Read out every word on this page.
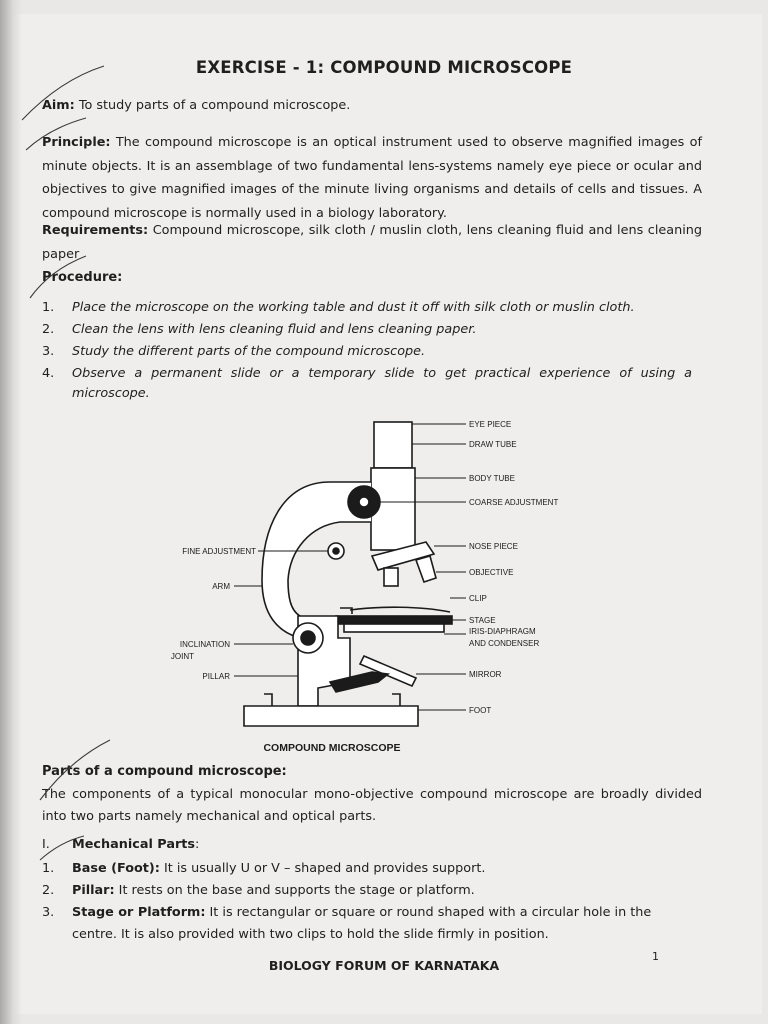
EXERCISE - 1: COMPOUND MICROSCOPE
Aim: To study parts of a compound microscope.
Principle: The compound microscope is an optical instrument used to observe magnified images of minute objects. It is an assemblage of two fundamental lens-systems namely eye piece or ocular and objectives to give magnified images of the minute living organisms and details of cells and tissues. A compound microscope is normally used in a biology laboratory.
Requirements: Compound microscope, silk cloth / muslin cloth, lens cleaning fluid and lens cleaning paper
Procedure:
1. Place the microscope on the working table and dust it off with silk cloth or muslin cloth.
2. Clean the lens with lens cleaning fluid and lens cleaning paper.
3. Study the different parts of the compound microscope.
4. Observe a permanent slide or a temporary slide to get practical experience of using a microscope.
EYE PIECE
DRAW TUBE
BODY TUBE
COARSE ADJUSTMENT
NOSE PIECE
OBJECTIVE
CLIP
STAGE
IRIS-DIAPHRAGM
AND CONDENSER
MIRROR
FOOT
FINE ADJUSTMENT
ARM
INCLINATION
JOINT
PILLAR
COMPOUND MICROSCOPE
Parts of a compound microscope:
The components of a typical monocular mono-objective compound microscope are broadly divided into two parts namely mechanical and optical parts.
I. Mechanical Parts:
1. Base (Foot): It is usually U or V – shaped and provides support.
2. Pillar: It rests on the base and supports the stage or platform.
3. Stage or Platform: It is rectangular or square or round shaped with a circular hole in the centre. It is also provided with two clips to hold the slide firmly in position.
1
BIOLOGY FORUM OF KARNATAKA
